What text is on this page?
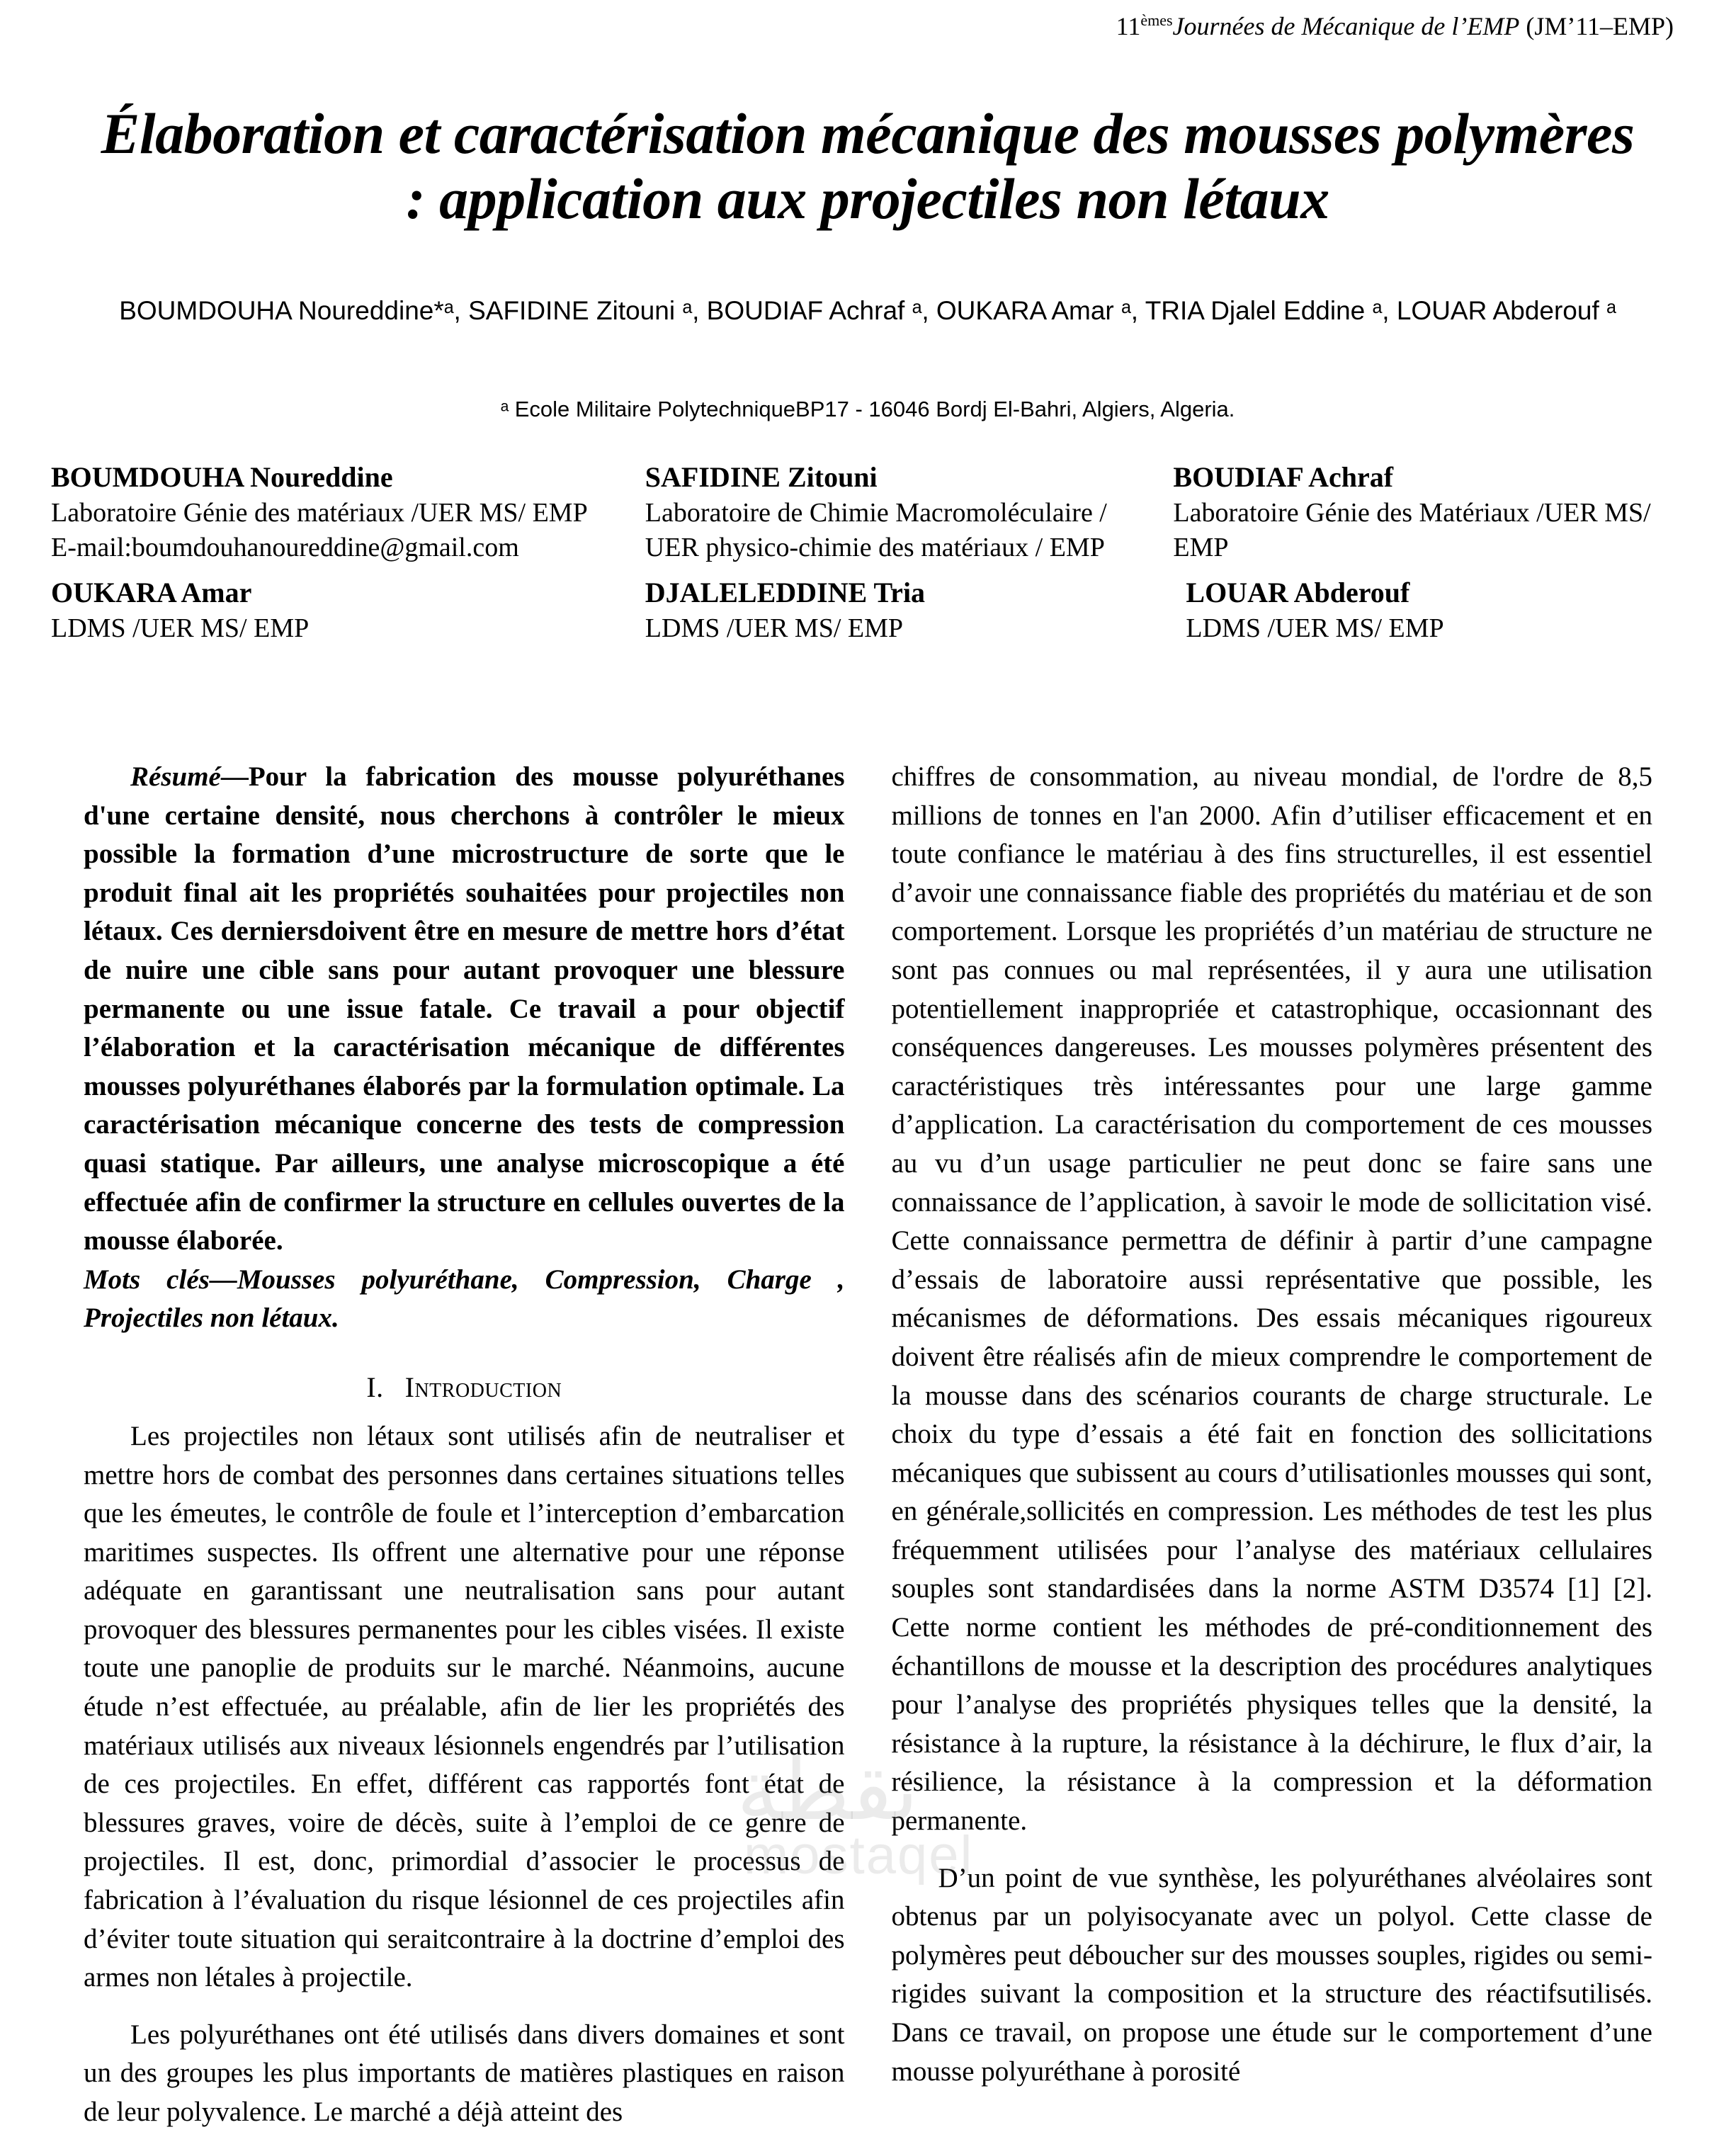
11èmesJournées de Mécanique de l’EMP (JM’11–EMP)
Élaboration et caractérisation mécanique des mousses polymères : application aux projectiles non létaux
BOUMDOUHA Noureddine*ᵃ, SAFIDINE Zitouni ᵃ, BOUDIAF Achraf ᵃ, OUKARA Amar ᵃ, TRIA Djalel Eddine ᵃ, LOUAR Abderouf ᵃ
ᵃ Ecole Militaire PolytechniqueBP17 - 16046 Bordj El-Bahri, Algiers, Algeria.
BOUMDOUHA Noureddine
Laboratoire Génie des matériaux /UER MS/ EMP
E-mail:boumdouhanoureddine@gmail.com
SAFIDINE Zitouni
Laboratoire de Chimie Macromoléculaire / UER physico-chimie des matériaux / EMP
BOUDIAF Achraf
Laboratoire Génie des Matériaux /UER MS/ EMP
OUKARA Amar
LDMS /UER MS/ EMP
DJALELEDDINE Tria
LDMS /UER MS/ EMP
LOUAR Abderouf
LDMS /UER MS/ EMP

Résumé—Pour la fabrication des mousse polyuréthanes d'une certaine densité, nous cherchons à contrôler le mieux possible la formation d’une microstructure de sorte que le produit final ait les propriétés souhaitées pour projectiles non létaux. Ces derniersdoivent être en mesure de mettre hors d’état de nuire une cible sans pour autant provoquer une blessure permanente ou une issue fatale. Ce travail a pour objectif l’élaboration et la caractérisation mécanique de différentes mousses polyuréthanes élaborés par la formulation optimale. La caractérisation mécanique concerne des tests de compression quasi statique. Par ailleurs, une analyse microscopique a été effectuée afin de confirmer la structure en cellules ouvertes de la mousse élaborée.

Mots clés—Mousses polyuréthane, Compression, Charge , Projectiles non létaux.

I. Introduction

Les projectiles non létaux sont utilisés afin de neutraliser et mettre hors de combat des personnes dans certaines situations telles que les émeutes, le contrôle de foule et l’interception d’embarcation maritimes suspectes. Ils offrent une alternative pour une réponse adéquate en garantissant une neutralisation sans pour autant provoquer des blessures permanentes pour les cibles visées. Il existe toute une panoplie de produits sur le marché. Néanmoins, aucune étude n’est effectuée, au préalable, afin de lier les propriétés des matériaux utilisés aux niveaux lésionnels engendrés par l’utilisation de ces projectiles. En effet, différent cas rapportés font état de blessures graves, voire de décès, suite à l’emploi de ce genre de projectiles. Il est, donc, primordial d’associer le processus de fabrication à l’évaluation du risque lésionnel de ces projectiles afin d’éviter toute situation qui seraitcontraire à la doctrine d’emploi des armes non létales à projectile.

Les polyuréthanes ont été utilisés dans divers domaines et sont un des groupes les plus importants de matières plastiques en raison de leur polyvalence. Le marché a déjà atteint des

chiffres de consommation, au niveau mondial, de l'ordre de 8,5 millions de tonnes en l'an 2000. Afin d’utiliser efficacement et en toute confiance le matériau à des fins structurelles, il est essentiel d’avoir une connaissance fiable des propriétés du matériau et de son comportement. Lorsque les propriétés d’un matériau de structure ne sont pas connues ou mal représentées, il y aura une utilisation potentiellement inappropriée et catastrophique, occasionnant des conséquences dangereuses. Les mousses polymères présentent des caractéristiques très intéressantes pour une large gamme d’application. La caractérisation du comportement de ces mousses au vu d’un usage particulier ne peut donc se faire sans une connaissance de l’application, à savoir le mode de sollicitation visé. Cette connaissance permettra de définir à partir d’une campagne d’essais de laboratoire aussi représentative que possible, les mécanismes de déformations. Des essais mécaniques rigoureux doivent être réalisés afin de mieux comprendre le comportement de la mousse dans des scénarios courants de charge structurale. Le choix du type d’essais a été fait en fonction des sollicitations mécaniques que subissent au cours d’utilisationles mousses qui sont, en générale,sollicités en compression. Les méthodes de test les plus fréquemment utilisées pour l’analyse des matériaux cellulaires souples sont standardisées dans la norme ASTM D3574 [1] [2]. Cette norme contient les méthodes de pré-conditionnement des échantillons de mousse et la description des procédures analytiques pour l’analyse des propriétés physiques telles que la densité, la résistance à la rupture, la résistance à la déchirure, le flux d’air, la résilience, la résistance à la compression et la déformation permanente.

D’un point de vue synthèse, les polyuréthanes alvéolaires sont obtenus par un polyisocyanate avec un polyol. Cette classe de polymères peut déboucher sur des mousses souples, rigides ou semi-rigides suivant la composition et la structure des réactifsutilisés. Dans ce travail, on propose une étude sur le comportement d’une mousse polyuréthane à porosité

نقطة
mostaqel
